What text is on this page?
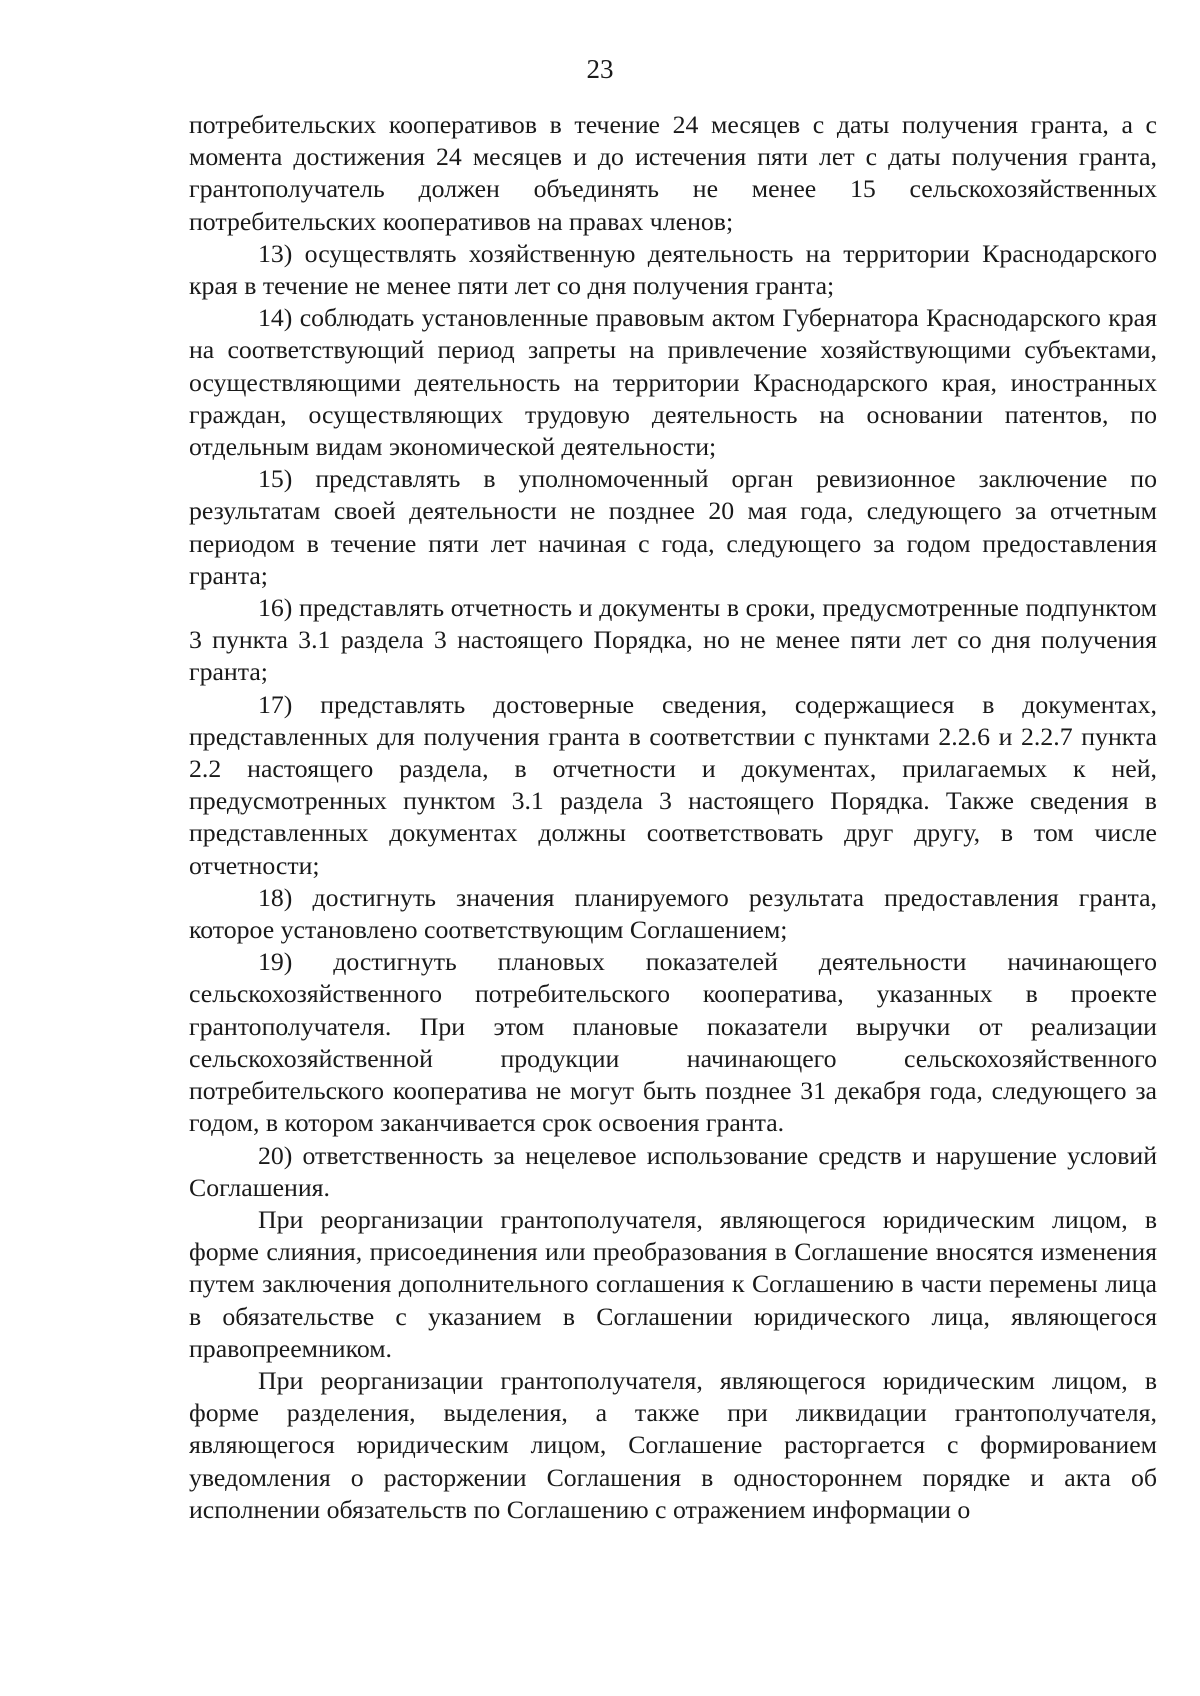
23

потребительских кооперативов в течение 24 месяцев с даты получения гранта, а с момента достижения 24 месяцев и до истечения пяти лет с даты получения гранта, грантополучатель должен объединять не менее 15 сельскохозяйственных потребительских кооперативов на правах членов;

13) осуществлять хозяйственную деятельность на территории Краснодарского края в течение не менее пяти лет со дня получения гранта;

14) соблюдать установленные правовым актом Губернатора Краснодарского края на соответствующий период запреты на привлечение хозяйствующими субъектами, осуществляющими деятельность на территории Краснодарского края, иностранных граждан, осуществляющих трудовую деятельность на основании патентов, по отдельным видам экономической деятельности;

15) представлять в уполномоченный орган ревизионное заключение по результатам своей деятельности не позднее 20 мая года, следующего за отчетным периодом в течение пяти лет начиная с года, следующего за годом предоставления гранта;

16) представлять отчетность и документы в сроки, предусмотренные подпунктом 3 пункта 3.1 раздела 3 настоящего Порядка, но не менее пяти лет со дня получения гранта;

17) представлять достоверные сведения, содержащиеся в документах, представленных для получения гранта в соответствии с пунктами 2.2.6 и 2.2.7 пункта 2.2 настоящего раздела, в отчетности и документах, прилагаемых к ней, предусмотренных пунктом 3.1 раздела 3 настоящего Порядка. Также сведения в представленных документах должны соответствовать друг другу, в том числе отчетности;

18) достигнуть значения планируемого результата предоставления гранта, которое установлено соответствующим Соглашением;

19) достигнуть плановых показателей деятельности начинающего сельскохозяйственного потребительского кооператива, указанных в проекте грантополучателя. При этом плановые показатели выручки от реализации сельскохозяйственной продукции начинающего сельскохозяйственного потребительского кооператива не могут быть позднее 31 декабря года, следующего за годом, в котором заканчивается срок освоения гранта.

20) ответственность за нецелевое использование средств и нарушение условий Соглашения.

При реорганизации грантополучателя, являющегося юридическим лицом, в форме слияния, присоединения или преобразования в Соглашение вносятся изменения путем заключения дополнительного соглашения к Соглашению в части перемены лица в обязательстве с указанием в Соглашении юридического лица, являющегося правопреемником.

При реорганизации грантополучателя, являющегося юридическим лицом, в форме разделения, выделения, а также при ликвидации грантополучателя, являющегося юридическим лицом, Соглашение расторгается с формированием уведомления о расторжении Соглашения в одностороннем порядке и акта об исполнении обязательств по Соглашению с отражением информации о
